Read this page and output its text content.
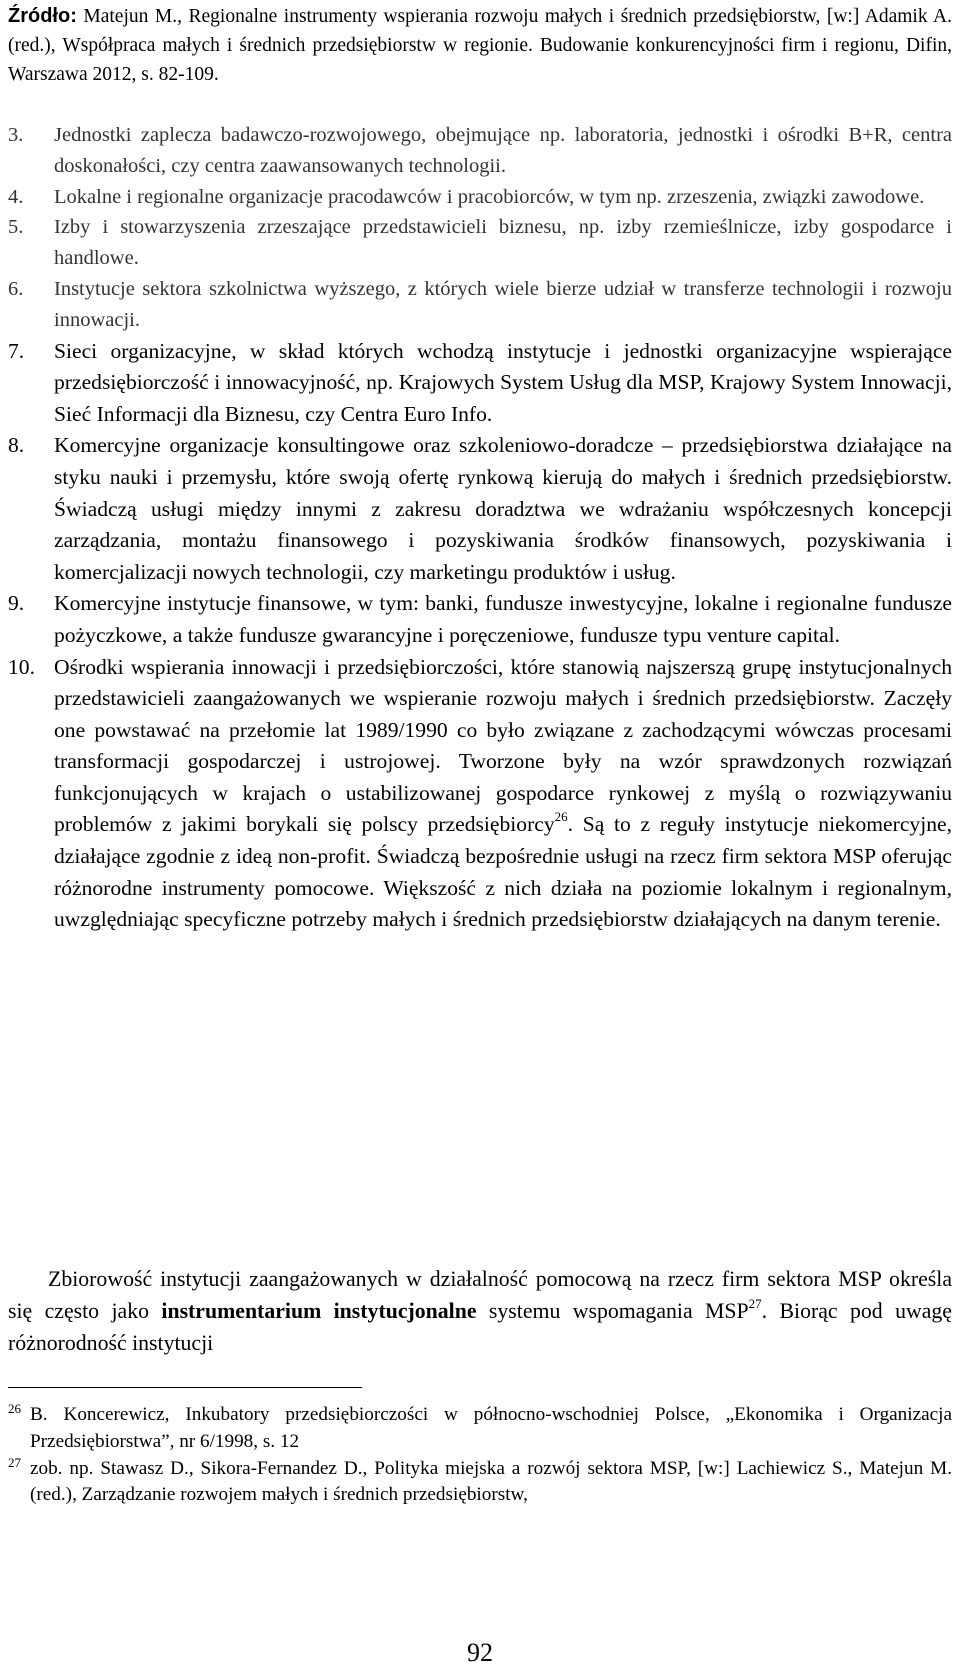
Źródło: Matejun M., Regionalne instrumenty wspierania rozwoju małych i średnich przedsiębiorstw, [w:] Adamik A. (red.), Współpraca małych i średnich przedsiębiorstw w regionie. Budowanie konkurencyjności firm i regionu, Difin, Warszawa 2012, s. 82-109.
3. Jednostki zaplecza badawczo-rozwojowego, obejmujące np. laboratoria, jednostki i ośrodki B+R, centra doskonałości, czy centra zaawansowanych technologii.
4. Lokalne i regionalne organizacje pracodawców i pracobiorców, w tym np. zrzeszenia, związki zawodowe.
5. Izby i stowarzyszenia zrzeszające przedstawicieli biznesu, np. izby rzemieślnicze, izby gospodarce i handlowe.
6. Instytucje sektora szkolnictwa wyższego, z których wiele bierze udział w transferze technologii i rozwoju innowacji.
7. Sieci organizacyjne, w skład których wchodzą instytucje i jednostki organizacyjne wspierające przedsiębiorczość i innowacyjność, np. Krajowych System Usług dla MSP, Krajowy System Innowacji, Sieć Informacji dla Biznesu, czy Centra Euro Info.
8. Komercyjne organizacje konsultingowe oraz szkoleniowo-doradcze – przedsiębiorstwa działające na styku nauki i przemysłu, które swoją ofertę rynkową kierują do małych i średnich przedsiębiorstw. Świadczą usługi między innymi z zakresu doradztwa we wdrażaniu współczesnych koncepcji zarządzania, montażu finansowego i pozyskiwania środków finansowych, pozyskiwania i komercjalizacji nowych technologii, czy marketingu produktów i usług.
9. Komercyjne instytucje finansowe, w tym: banki, fundusze inwestycyjne, lokalne i regionalne fundusze pożyczkowe, a także fundusze gwarancyjne i poręczeniowe, fundusze typu venture capital.
10. Ośrodki wspierania innowacji i przedsiębiorczości, które stanowią najszerszą grupę instytucjonalnych przedstawicieli zaangażowanych we wspieranie rozwoju małych i średnich przedsiębiorstw. Zaczęły one powstawać na przełomie lat 1989/1990 co było związane z zachodzącymi wówczas procesami transformacji gospodarczej i ustrojowej. Tworzone były na wzór sprawdzonych rozwiązań funkcjonujących w krajach o ustabilizowanej gospodarce rynkowej z myślą o rozwiązywaniu problemów z jakimi borykali się polscy przedsiębiorcy$^{26}$. Są to z reguły instytucje niekomercyjne, działające zgodnie z ideą non-profit. Świadczą bezpośrednie usługi na rzecz firm sektora MSP oferując różnorodne instrumenty pomocowe. Większość z nich działa na poziomie lokalnym i regionalnym, uwzględniając specyficzne potrzeby małych i średnich przedsiębiorstw działających na danym terenie.
Zbiorowość instytucji zaangażowanych w działalność pomocową na rzecz firm sektora MSP określa się często jako instrumentarium instytucjonalne systemu wspomagania MSP$^{27}$. Biorąc pod uwagę różnorodność instytucji
26 B. Koncerewicz, Inkubatory przedsiębiorczości w północno-wschodniej Polsce, „Ekonomika i Organizacja Przedsiębiorstwa”, nr 6/1998, s. 12
27 zob. np. Stawasz D., Sikora-Fernandez D., Polityka miejska a rozwój sektora MSP, [w:] Lachiewicz S., Matejun M. (red.), Zarządzanie rozwojem małych i średnich przedsiębiorstw,
92
